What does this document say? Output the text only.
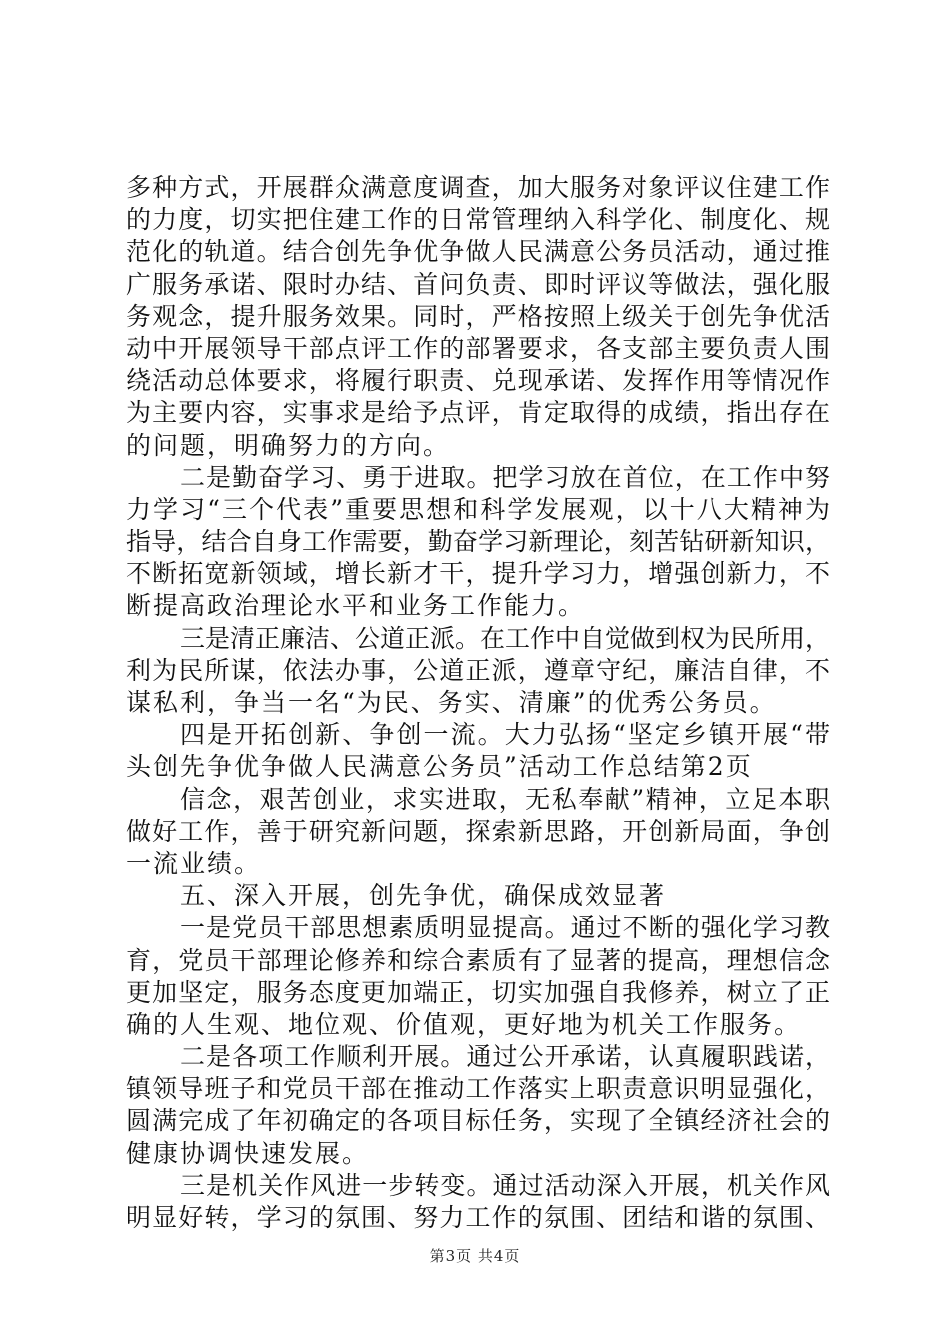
多种方式，开展群众满意度调查，加大服务对象评议住建工作
的力度，切实把住建工作的日常管理纳入科学化、制度化、规
范化的轨道。结合创先争优争做人民满意公务员活动，通过推
广服务承诺、限时办结、首问负责、即时评议等做法，强化服
务观念，提升服务效果。同时，严格按照上级关于创先争优活
动中开展领导干部点评工作的部署要求，各支部主要负责人围
绕活动总体要求，将履行职责、兑现承诺、发挥作用等情况作
为主要内容，实事求是给予点评，肯定取得的成绩，指出存在
的问题，明确努力的方向。
二是勤奋学习、勇于进取。把学习放在首位，在工作中努
力学习“三个代表”重要思想和科学发展观，以十八大精神为
指导，结合自身工作需要，勤奋学习新理论，刻苦钻研新知识，
不断拓宽新领域，增长新才干，提升学习力，增强创新力，不
断提高政治理论水平和业务工作能力。
三是清正廉洁、公道正派。在工作中自觉做到权为民所用，
利为民所谋，依法办事，公道正派，遵章守纪，廉洁自律，不
谋私利，争当一名“为民、务实、清廉”的优秀公务员。
四是开拓创新、争创一流。大力弘扬“坚定乡镇开展“带
头创先争优争做人民满意公务员”活动工作总结第2页
信念，艰苦创业，求实进取，无私奉献”精神，立足本职
做好工作，善于研究新问题，探索新思路，开创新局面，争创
一流业绩。
五、深入开展，创先争优，确保成效显著
一是党员干部思想素质明显提高。通过不断的强化学习教
育，党员干部理论修养和综合素质有了显著的提高，理想信念
更加坚定，服务态度更加端正，切实加强自我修养，树立了正
确的人生观、地位观、价值观，更好地为机关工作服务。
二是各项工作顺利开展。通过公开承诺，认真履职践诺，
镇领导班子和党员干部在推动工作落实上职责意识明显强化，
圆满完成了年初确定的各项目标任务，实现了全镇经济社会的
健康协调快速发展。
三是机关作风进一步转变。通过活动深入开展，机关作风
明显好转，学习的氛围、努力工作的氛围、团结和谐的氛围、
第3页 共4页
